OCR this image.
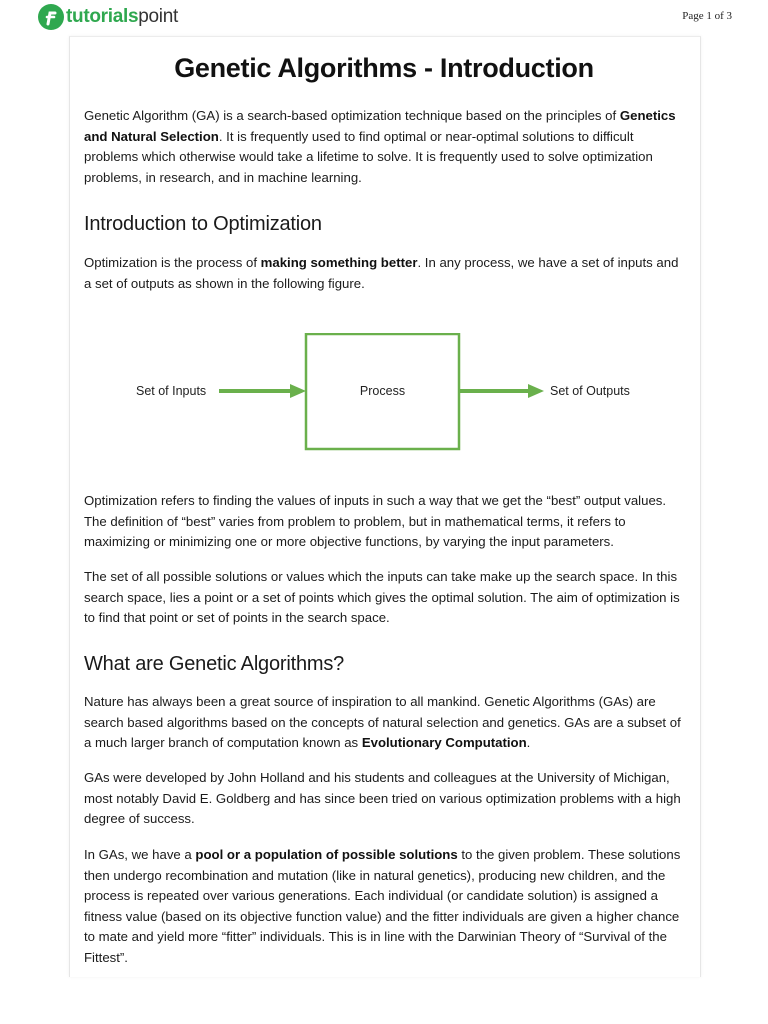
tutorialspoint	Page 1 of 3
Genetic Algorithms - Introduction

Genetic Algorithm (GA) is a search-based optimization technique based on the principles of Genetics and Natural Selection. It is frequently used to find optimal or near-optimal solutions to difficult problems which otherwise would take a lifetime to solve. It is frequently used to solve optimization problems, in research, and in machine learning.

Introduction to Optimization

Optimization is the process of making something better. In any process, we have a set of inputs and a set of outputs as shown in the following figure.

Set of Inputs	Process	Set of Outputs

Optimization refers to finding the values of inputs in such a way that we get the “best” output values. The definition of “best” varies from problem to problem, but in mathematical terms, it refers to maximizing or minimizing one or more objective functions, by varying the input parameters.

The set of all possible solutions or values which the inputs can take make up the search space. In this search space, lies a point or a set of points which gives the optimal solution. The aim of optimization is to find that point or set of points in the search space.

What are Genetic Algorithms?

Nature has always been a great source of inspiration to all mankind. Genetic Algorithms (GAs) are search based algorithms based on the concepts of natural selection and genetics. GAs are a subset of a much larger branch of computation known as Evolutionary Computation.

GAs were developed by John Holland and his students and colleagues at the University of Michigan, most notably David E. Goldberg and has since been tried on various optimization problems with a high degree of success.

In GAs, we have a pool or a population of possible solutions to the given problem. These solutions then undergo recombination and mutation (like in natural genetics), producing new children, and the process is repeated over various generations. Each individual (or candidate solution) is assigned a fitness value (based on its objective function value) and the fitter individuals are given a higher chance to mate and yield more “fitter” individuals. This is in line with the Darwinian Theory of “Survival of the Fittest”.
